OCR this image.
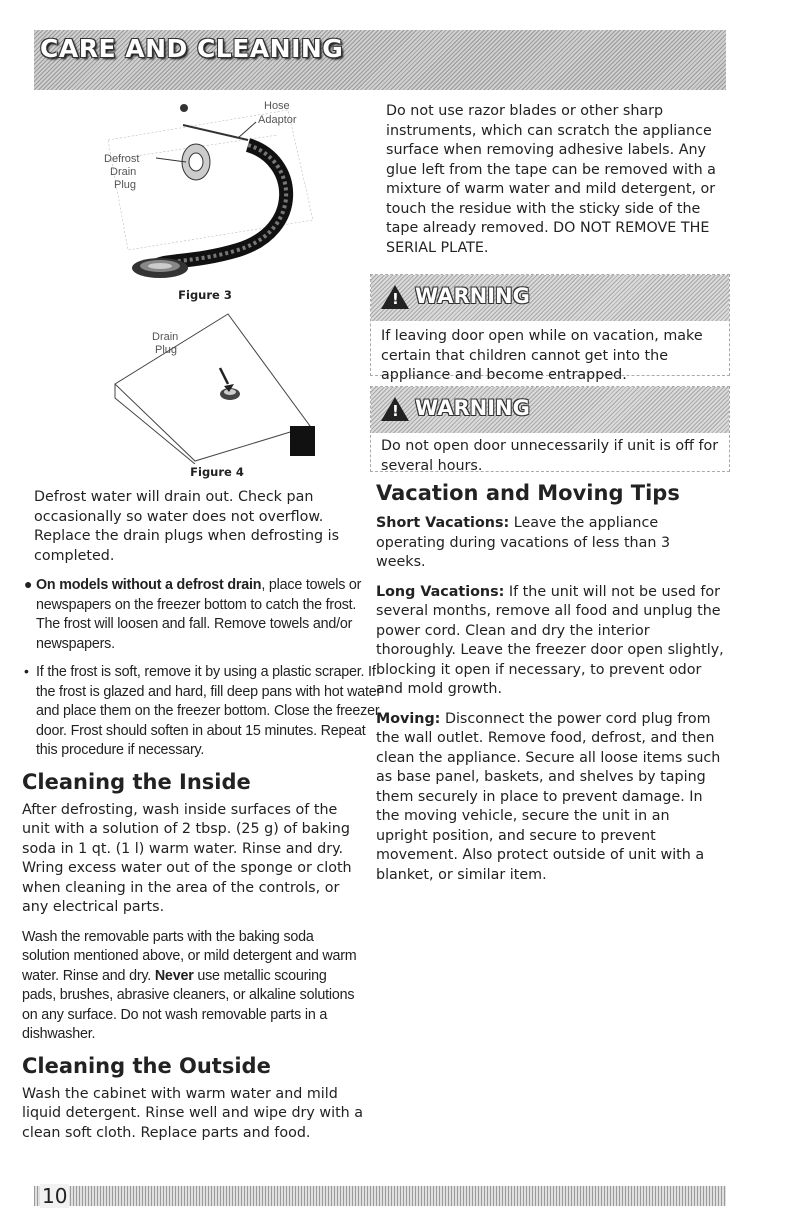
CARE AND CLEANING
Hose
Adaptor
Defrost
Drain
Plug
Figure 3
Drain
Plug
Figure 4

Defrost water will drain out. Check pan occasionally so water does not overflow. Replace the drain plugs when defrosting is completed.

● On models without a defrost drain, place towels or newspapers on the freezer bottom to catch the frost. The frost will loosen and fall. Remove towels and/or newspapers.

• If the frost is soft, remove it by using a plastic scraper. If the frost is glazed and hard, fill deep pans with hot water and place them on the freezer bottom. Close the freezer door. Frost should soften in about 15 minutes. Repeat this procedure if necessary.

Cleaning the Inside

After defrosting, wash inside surfaces of the unit with a solution of 2 tbsp. (25 g) of baking soda in 1 qt. (1 l) warm water. Rinse and dry. Wring excess water out of the sponge or cloth when cleaning in the area of the controls, or any electrical parts.

Wash the removable parts with the baking soda solution mentioned above, or mild detergent and warm water. Rinse and dry. Never use metallic scouring pads, brushes, abrasive cleaners, or alkaline solutions on any surface. Do not wash removable parts in a dishwasher.

Cleaning the Outside

Wash the cabinet with warm water and mild liquid detergent. Rinse well and wipe dry with a clean soft cloth. Replace parts and food.

Do not use razor blades or other sharp instruments, which can scratch the appliance surface when removing adhesive labels. Any glue left from the tape can be removed with a mixture of warm water and mild detergent, or touch the residue with the sticky side of the tape already removed. DO NOT REMOVE THE SERIAL PLATE.

! WARNING
If leaving door open while on vacation, make certain that children cannot get into the appliance and become entrapped.
! WARNING
Do not open door unnecessarily if unit is off for several hours.
Vacation and Moving Tips

Short Vacations: Leave the appliance operating during vacations of less than 3 weeks.

Long Vacations: If the unit will not be used for several months, remove all food and unplug the power cord. Clean and dry the interior thoroughly. Leave the freezer door open slightly, blocking it open if necessary, to prevent odor and mold growth.

Moving: Disconnect the power cord plug from the wall outlet. Remove food, defrost, and then clean the appliance. Secure all loose items such as base panel, baskets, and shelves by taping them securely in place to prevent damage. In the moving vehicle, secure the unit in an upright position, and secure to prevent movement. Also protect outside of unit with a blanket, or similar item.

10
